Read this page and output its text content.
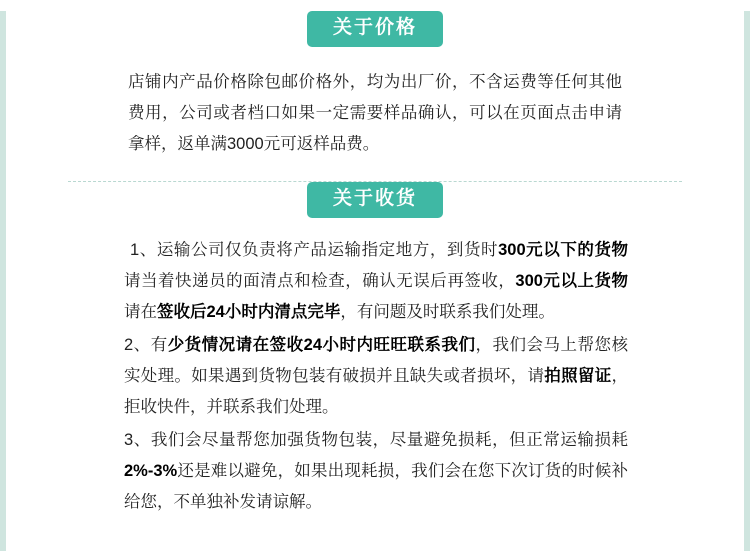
关于价格
店铺内产品价格除包邮价格外，均为出厂价，不含运费等任何其他费用，公司或者档口如果一定需要样品确认，可以在页面点击申请拿样，返单满3000元可返样品费。
关于收货

1、运输公司仅负责将产品运输指定地方，到货时300元以下的货物请当着快递员的面清点和检查，确认无误后再签收，300元以上货物请在签收后24小时内清点完毕，有问题及时联系我们处理。

2、有少货情况请在签收24小时内旺旺联系我们，我们会马上帮您核实处理。如果遇到货物包装有破损并且缺失或者损坏，请拍照留证，拒收快件，并联系我们处理。

3、我们会尽量帮您加强货物包装，尽量避免损耗，但正常运输损耗2%-3%还是难以避免，如果出现耗损，我们会在您下次订货的时候补给您，不单独补发请谅解。
